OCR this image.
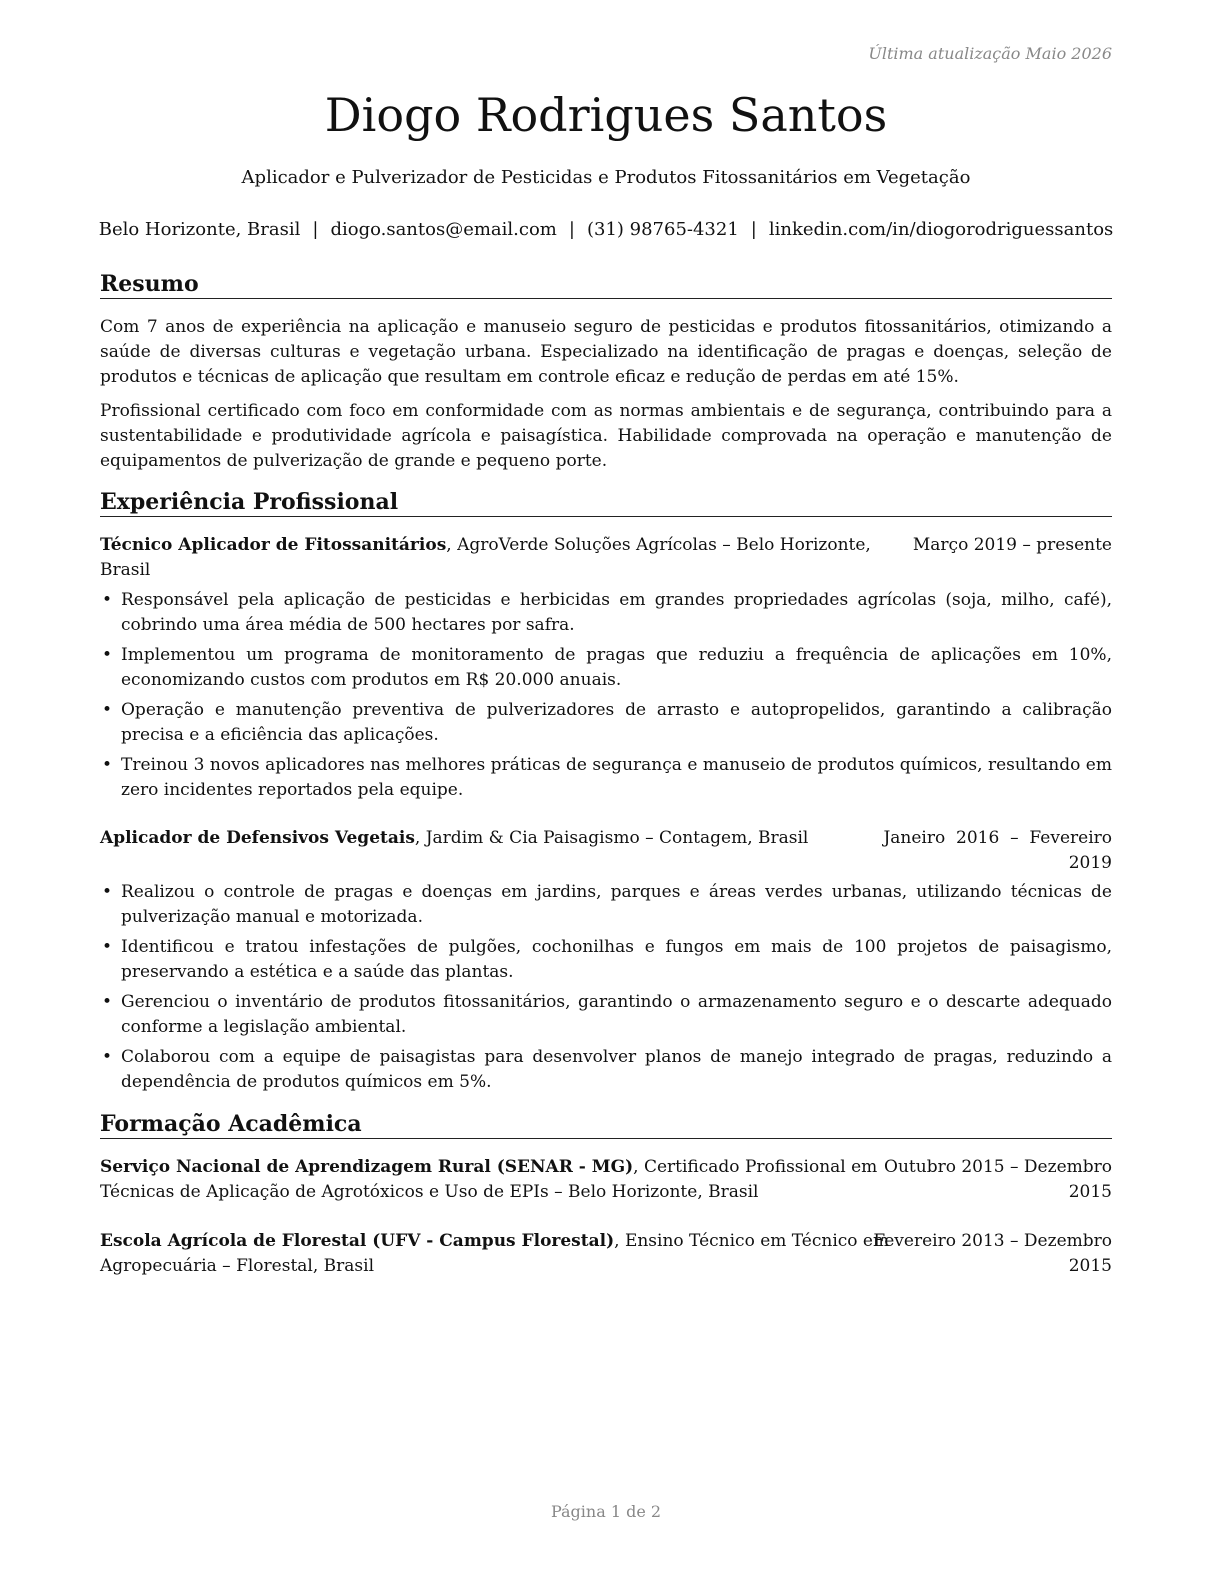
Última atualização Maio 2026
Diogo Rodrigues Santos
Aplicador e Pulverizador de Pesticidas e Produtos Fitossanitários em Vegetação
Belo Horizonte, Brasil | diogo.santos@email.com | (31) 98765-4321 | linkedin.com/in/diogorodriguessantos
Resumo
Com 7 anos de experiência na aplicação e manuseio seguro de pesticidas e produtos fitossanitários, otimizando a saúde de diversas culturas e vegetação urbana. Especializado na identificação de pragas e doenças, seleção de produtos e técnicas de aplicação que resultam em controle eficaz e redução de perdas em até 15%.
Profissional certificado com foco em conformidade com as normas ambientais e de segurança, contribuindo para a sustentabilidade e produtividade agrícola e paisagística. Habilidade comprovada na operação e manutenção de equipamentos de pulverização de grande e pequeno porte.
Experiência Profissional
Técnico Aplicador de Fitossanitários, AgroVerde Soluções Agrícolas – Belo Horizonte,
Brasil
Março 2019 – presente
• Responsável pela aplicação de pesticidas e herbicidas em grandes propriedades agrícolas (soja, milho, café), cobrindo uma área média de 500 hectares por safra.
• Implementou um programa de monitoramento de pragas que reduziu a frequência de aplicações em 10%, economizando custos com produtos em R$ 20.000 anuais.
• Operação e manutenção preventiva de pulverizadores de arrasto e autopropelidos, garantindo a calibração precisa e a eficiência das aplicações.
• Treinou 3 novos aplicadores nas melhores práticas de segurança e manuseio de produtos químicos, resultando em zero incidentes reportados pela equipe.
Aplicador de Defensivos Vegetais, Jardim & Cia Paisagismo – Contagem, Brasil	Janeiro  2016  –  Fevereiro
2019
• Realizou o controle de pragas e doenças em jardins, parques e áreas verdes urbanas, utilizando técnicas de pulverização manual e motorizada.
• Identificou e tratou infestações de pulgões, cochonilhas e fungos em mais de 100 projetos de paisagismo, preservando a estética e a saúde das plantas.
• Gerenciou o inventário de produtos fitossanitários, garantindo o armazenamento seguro e o descarte adequado conforme a legislação ambiental.
• Colaborou com a equipe de paisagistas para desenvolver planos de manejo integrado de pragas, reduzindo a dependência de produtos químicos em 5%.
Formação Acadêmica
Serviço Nacional de Aprendizagem Rural (SENAR - MG), Certificado Profissional em
Técnicas de Aplicação de Agrotóxicos e Uso de EPIs – Belo Horizonte, Brasil
Outubro 2015 – Dezembro
2015
Escola Agrícola de Florestal (UFV - Campus Florestal), Ensino Técnico em Técnico em
Agropecuária – Florestal, Brasil
Fevereiro 2013 – Dezembro
2015
Página 1 de 2
